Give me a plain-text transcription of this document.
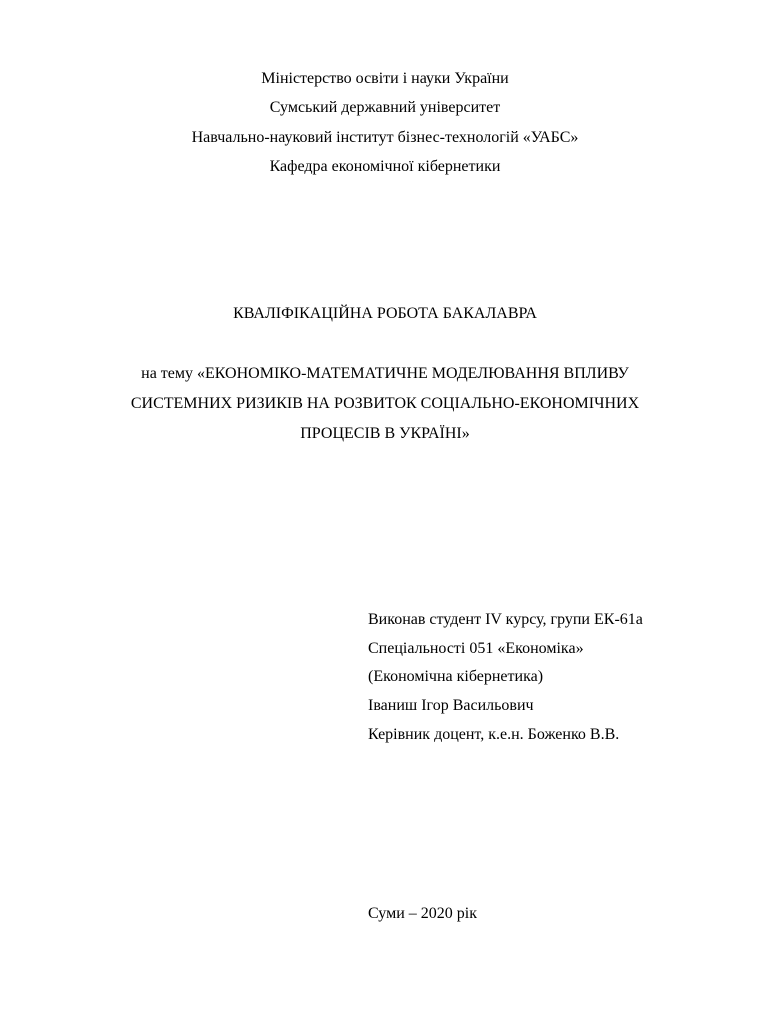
Міністерство освіти і науки України
Сумський державний університет
Навчально-науковий інститут бізнес-технологій «УАБС»
Кафедра економічної кібернетики
КВАЛІФІКАЦІЙНА РОБОТА БАКАЛАВРА
на тему «ЕКОНОМІКО-МАТЕМАТИЧНЕ МОДЕЛЮВАННЯ ВПЛИВУ
СИСТЕМНИХ РИЗИКІВ НА РОЗВИТОК СОЦІАЛЬНО-ЕКОНОМІЧНИХ
ПРОЦЕСІВ В УКРАЇНІ»
Виконав студент IV курсу, групи ЕК-61а
Спеціальності 051 «Економіка»
(Економічна кібернетика)
Іваниш Ігор Васильович
Керівник доцент, к.е.н. Боженко В.В.
Суми – 2020 рік
